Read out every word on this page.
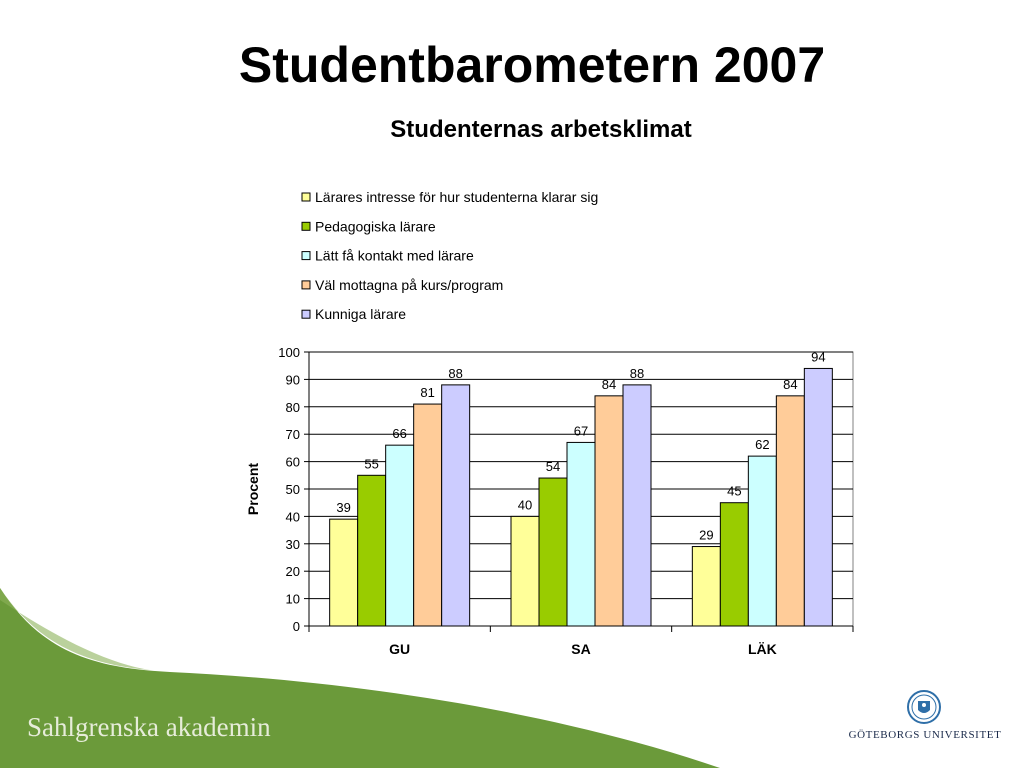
Studentbarometern 2007
Studenternas arbetsklimat
Lärares intresse för hur studenterna klarar sig
Pedagogiska lärare
Lätt få kontakt med lärare
Väl mottagna på kurs/program
Kunniga lärare
0
10
20
30
40
50
60
70
80
90
100
GU
39
55
66
81
88
SA
40
54
67
84
88
LÄK
29
45
62
84
94
Procent
Sahlgrenska akademin	GÖTEBORGS UNIVERSITET
